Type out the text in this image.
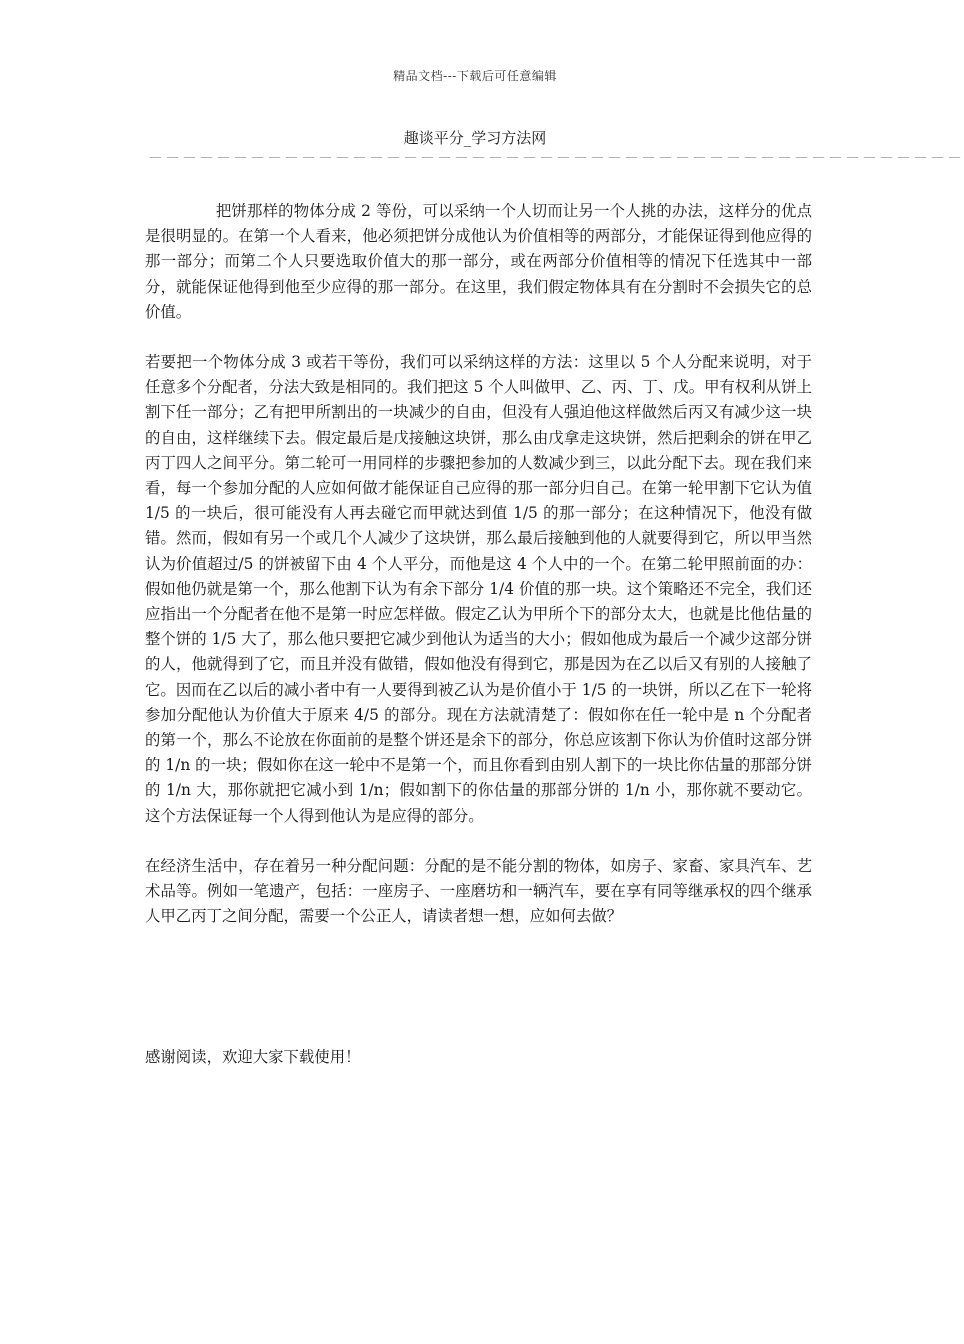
精品文档---下载后可任意编辑
趣谈平分_学习方法网
－－－－－－－－－－－－－－－－－－－－－－－－－－－－－－－－－－－－－－－－－－－－－－－－

把饼那样的物体分成 2 等份，可以采纳一个人切而让另一个人挑的办法，这样分的优点是很明显的。在第一个人看来，他必须把饼分成他认为价值相等的两部分，才能保证得到他应得的那一部分；而第二个人只要选取价值大的那一部分，或在两部分价值相等的情况下任选其中一部分，就能保证他得到他至少应得的那一部分。在这里，我们假定物体具有在分割时不会损失它的总价值。

若要把一个物体分成 3 或若干等份，我们可以采纳这样的方法：这里以 5 个人分配来说明，对于任意多个分配者，分法大致是相同的。我们把这 5 个人叫做甲、乙、丙、丁、戊。甲有权利从饼上割下任一部分；乙有把甲所割出的一块减少的自由，但没有人强迫他这样做然后丙又有减少这一块的自由，这样继续下去。假定最后是戊接触这块饼，那么由戊拿走这块饼，然后把剩余的饼在甲乙丙丁四人之间平分。第二轮可一用同样的步骤把参加的人数减少到三，以此分配下去。现在我们来看，每一个参加分配的人应如何做才能保证自己应得的那一部分归自己。在第一轮甲割下它认为值 1/5 的一块后，很可能没有人再去碰它而甲就达到值 1/5 的那一部分；在这种情况下，他没有做错。然而，假如有另一个或几个人减少了这块饼，那么最后接触到他的人就要得到它，所以甲当然认为价值超过/5 的饼被留下由 4 个人平分，而他是这 4 个人中的一个。在第二轮甲照前面的办：假如他仍就是第一个，那么他割下认为有余下部分 1/4 价值的那一块。这个策略还不完全，我们还应指出一个分配者在他不是第一时应怎样做。假定乙认为甲所个下的部分太大，也就是比他估量的整个饼的 1/5 大了，那么他只要把它减少到他认为适当的大小；假如他成为最后一个减少这部分饼的人，他就得到了它，而且并没有做错，假如他没有得到它，那是因为在乙以后又有别的人接触了它。因而在乙以后的减小者中有一人要得到被乙认为是价值小于 1/5 的一块饼，所以乙在下一轮将参加分配他认为价值大于原来 4/5 的部分。现在方法就清楚了：假如你在任一轮中是 n 个分配者的第一个，那么不论放在你面前的是整个饼还是余下的部分，你总应该割下你认为价值时这部分饼的 1/n 的一块；假如你在这一轮中不是第一个，而且你看到由别人割下的一块比你估量的那部分饼的 1/n 大，那你就把它减小到 1/n；假如割下的你估量的那部分饼的 1/n 小，那你就不要动它。这个方法保证每一个人得到他认为是应得的部分。

在经济生活中，存在着另一种分配问题：分配的是不能分割的物体，如房子、家畜、家具汽车、艺术品等。例如一笔遗产，包括：一座房子、一座磨坊和一辆汽车，要在享有同等继承权的四个继承人甲乙丙丁之间分配，需要一个公正人，请读者想一想，应如何去做？

感谢阅读，欢迎大家下载使用！
